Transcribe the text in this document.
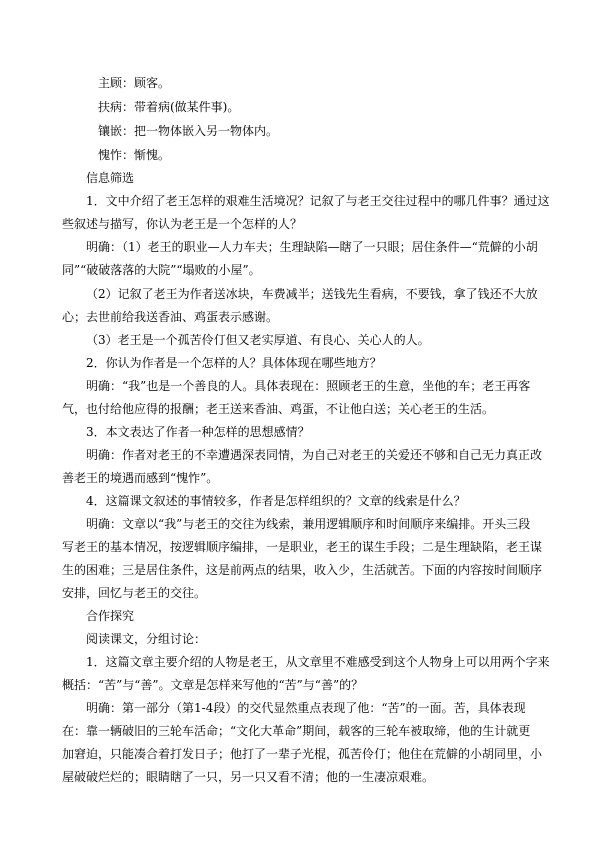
主顾：顾客。
扶病：带着病(做某件事)。
镶嵌：把一物体嵌入另一物体内。
愧怍：惭愧。
信息筛选
1．文中介绍了老王怎样的艰难生活境况？记叙了与老王交往过程中的哪几件事？通过这
些叙述与描写，你认为老王是一个怎样的人？
明确：（1）老王的职业—人力车夫；生理缺陷—瞎了一只眼；居住条件—“荒僻的小胡
同”“破破落落的大院”“塌败的小屋”。
（2）记叙了老王为作者送冰块，车费减半；送钱先生看病，不要钱，拿了钱还不大放
心；去世前给我送香油、鸡蛋表示感谢。
（3）老王是一个孤苦伶仃但又老实厚道、有良心、关心人的人。
2．你认为作者是一个怎样的人？具体体现在哪些地方？
明确：“我”也是一个善良的人。具体表现在：照顾老王的生意，坐他的车；老王再客
气，也付给他应得的报酬；老王送来香油、鸡蛋，不让他白送；关心老王的生活。
3．本文表达了作者一种怎样的思想感情？
明确：作者对老王的不幸遭遇深表同情，为自己对老王的关爱还不够和自己无力真正改
善老王的境遇而感到“愧怍”。
4．这篇课文叙述的事情较多，作者是怎样组织的？文章的线索是什么？
明确：文章以“我”与老王的交往为线索，兼用逻辑顺序和时间顺序来编排。开头三段
写老王的基本情况，按逻辑顺序编排，一是职业，老王的谋生手段；二是生理缺陷，老王谋
生的困难；三是居住条件，这是前两点的结果，收入少，生活就苦。下面的内容按时间顺序
安排，回忆与老王的交往。
合作探究
阅读课文，分组讨论：
1．这篇文章主要介绍的人物是老王，从文章里不难感受到这个人物身上可以用两个字来
概括：“苦”与“善”。文章是怎样来写他的“苦”与“善”的？
明确：第一部分（第1-4段）的交代显然重点表现了他：“苦”的一面。苦，具体表现
在：靠一辆破旧的三轮车活命；“文化大革命”期间，载客的三轮车被取缔，他的生计就更
加窘迫，只能凑合着打发日子；他打了一辈子光棍，孤苦伶仃；他住在荒僻的小胡同里，小
屋破破烂烂的；眼睛瞎了一只，另一只又看不清；他的一生凄凉艰难。
